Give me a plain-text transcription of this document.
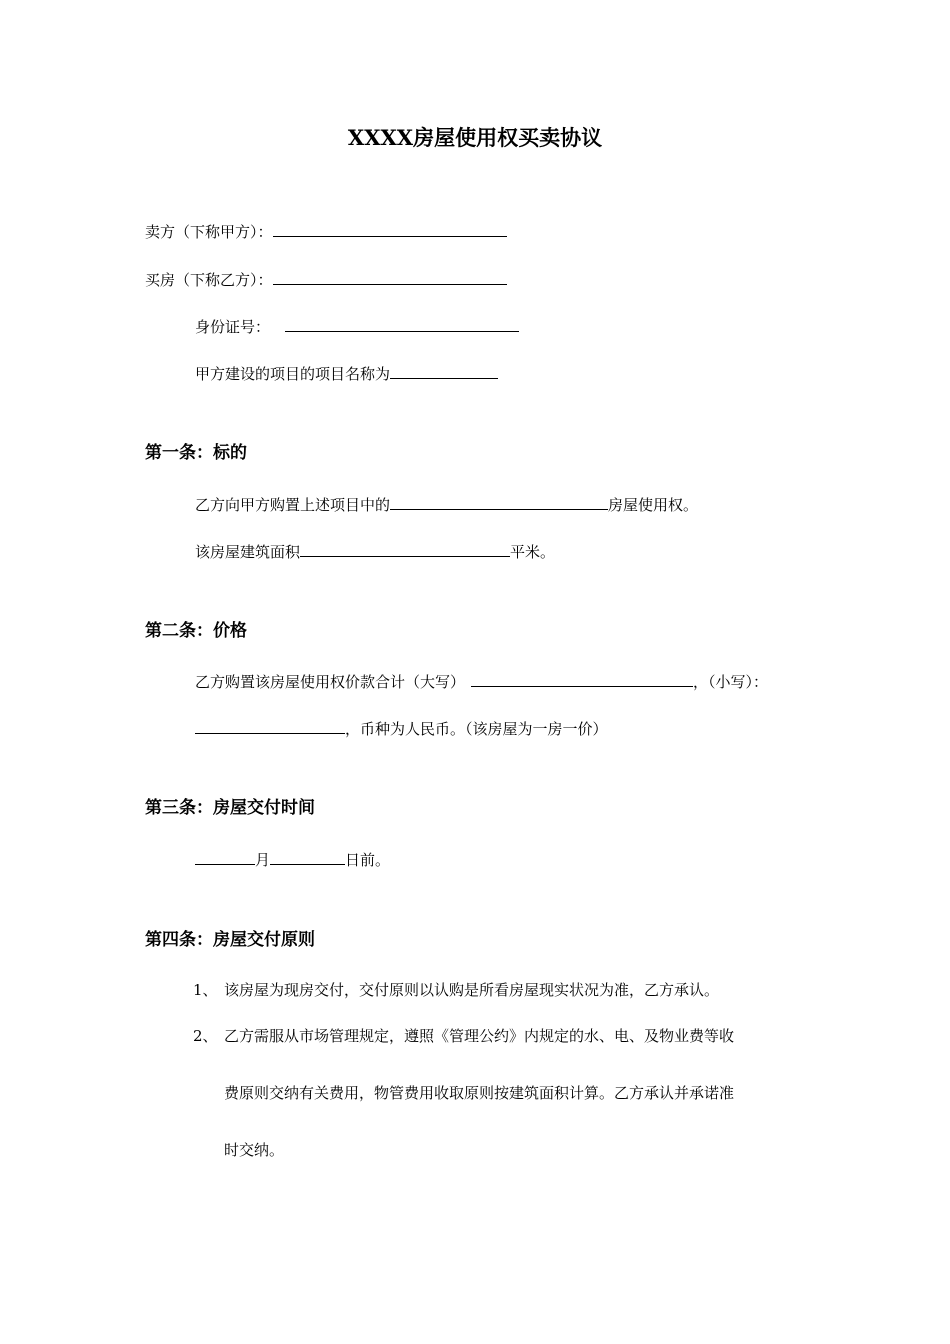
XXXX房屋使用权买卖协议
卖方（下称甲方）：
买房（下称乙方）：
身份证号：
甲方建设的项目的项目名称为
第一条：标的
乙方向甲方购置上述项目中的	房屋使用权。
该房屋建筑面积	平米。
第二条：价格
乙方购置该房屋使用权价款合计（大写）	，（小写）：
，币种为人民币。（该房屋为一房一价）
第三条：房屋交付时间
月	日前。
第四条：房屋交付原则
1、 该房屋为现房交付，交付原则以认购是所看房屋现实状况为准，乙方承认。
2、 乙方需服从市场管理规定，遵照《管理公约》内规定的水、电、及物业费等收
费原则交纳有关费用，物管费用收取原则按建筑面积计算。乙方承认并承诺准
时交纳。
